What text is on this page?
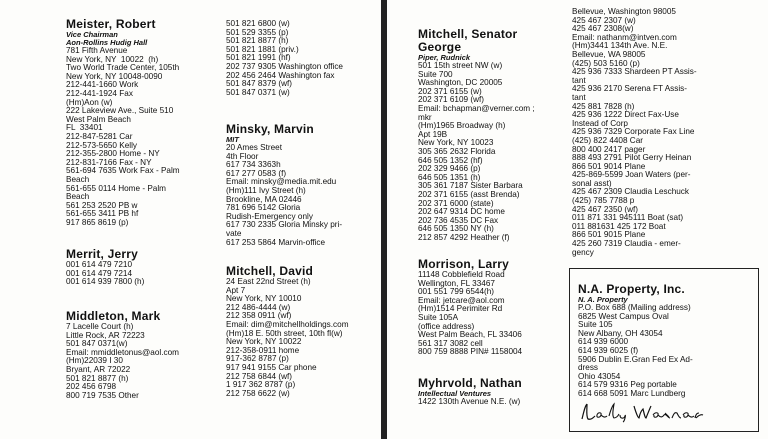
Meister, Robert
Vice Chairman
Aon-Rollins Hudig Hall
781 Fifth Avenue
New York, NY  10022  (h)
Two World Trade Center, 105th
New York, NY 10048-0090
212-441-1660 Work
212-441-1924 Fax
(Hm)Aon (w)
222 Lakeview Ave., Suite 510
West Palm Beach
FL  33401
212-847-5281 Car
212-573-5650 Kelly
212-355-2800 Home - NY
212-831-7166 Fax - NY
561-694 7635 Work Fax - Palm
Beach
561-655 0114 Home - Palm
Beach
561 253 2520 PB w
561-655 3411 PB hf
917 865 8619 (p)
Merrit, Jerry
001 614 479 7210
001 614 479 7214
001 614 939 7800 (h)
Middleton, Mark
7 Lacelle Court (h)
Little Rock, AR 72223
501 847 0371(w)
Email: mmiddletonus@aol.com
(Hm)22039 I 30
Bryant, AR 72022
501 821 8877 (h)
202 456 6798
800 719 7535 Other
501 821 6800 (w)
501 529 3355 (p)
501 821 8877 (h)
501 821 1881 (priv.)
501 821 1991 (hf)
202 737 9305 Washington office
202 456 2464 Washington fax
501 847 8379 (wf)
501 847 0371 (w)
Minsky, Marvin
MIT
20 Ames Street
4th Floor
617 734 3363h
617 277 0583 (f)
Email: minsky@media.mit.edu
(Hm)111 Ivy Street (h)
Brookline, MA 02446
781 696 5142 Gloria
Rudish-Emergency only
617 730 2335 Gloria Minsky pri-
vate
617 253 5864 Marvin-office
Mitchell, David
24 East 22nd Street (h)
Apt 7
New York, NY 10010
212 486-4444 (w)
212 358 0911 (wf)
Email: dim@mitchellholdings.com
(Hm)18 E. 50th street, 10th fl(w)
New York, NY 10022
212-358-0911 home
917-362 8787 (p)
917 941 9155 Car phone
212 758 6844 (wf)
1 917 362 8787 (p)
212 758 6622 (w)
Mitchell, Senator
George
Piper, Rudnick
501 15th street NW (w)
Suite 700
Washington, DC 20005
202 371 6155 (w)
202 371 6109 (wf)
Email: bchapman@verner.com ;
mkr
(Hm)1965 Broadway (h)
Apt 19B
New York, NY 10023
305 365 2632 Florida
646 505 1352 (hf)
202 329 9466 (p)
646 505 1351 (h)
305 361 7187 Sister Barbara
202 371 6155 (asst Brenda)
202 371 6000 (state)
202 647 9314 DC home
202 736 4535 DC Fax
646 505 1350 NY (h)
212 857 4292 Heather (f)
Morrison, Larry
11148 Cobblefield Road
Wellington, FL 33467
001 551 799 6544(h)
Email: jetcare@aol.com
(Hm)1514 Perimiter Rd
Suite 105A
(office address)
West Palm Beach, FL 33406
561 317 3082 cell
800 759 8888 PIN# 1158004
Myhrvold, Nathan
Intellectual Ventures
1422 130th Avenue N.E. (w)
Bellevue, Washington 98005
425 467 2307 (w)
425 467 2308(w)
Email: nathanm@intven.com
(Hm)3441 134th Ave. N.E.
Bellevue, WA 98005
(425) 503 5160 (p)
425 936 7333 Shardeen PT Assis-
tant
425 936 2170 Serena FT Assis-
tant
425 881 7828 (h)
425 936 1222 Direct Fax-Use
Instead of Corp
425 936 7329 Corporate Fax Line
(425) 822 4408 Car
800 400 2417 pager
888 493 2791 Pilot Gerry Heinan
866 501 9014 Plane
425-869-5599 Joan Waters (per-
sonal asst)
425 467 2309 Claudia Leschuck
(425) 785 7788 p
425 467 2350 (wf)
011 871 331 945111 Boat (sat)
011 881631 425 172 Boat
866 501 9015 Plane
425 260 7319 Claudia - emer-
gency
N.A. Property, Inc.
N. A. Property
P.O. Box 688 (Mailing address)
6825 West Campus Oval
Suite 105
New Albany, OH 43054
614 939 6000
614 939 6025 (f)
5906 Dublin E.Gran Fed Ex Ad-
dress
Ohio 43054
614 579 9316 Peg portable
614 668 5091 Marc Lundberg
